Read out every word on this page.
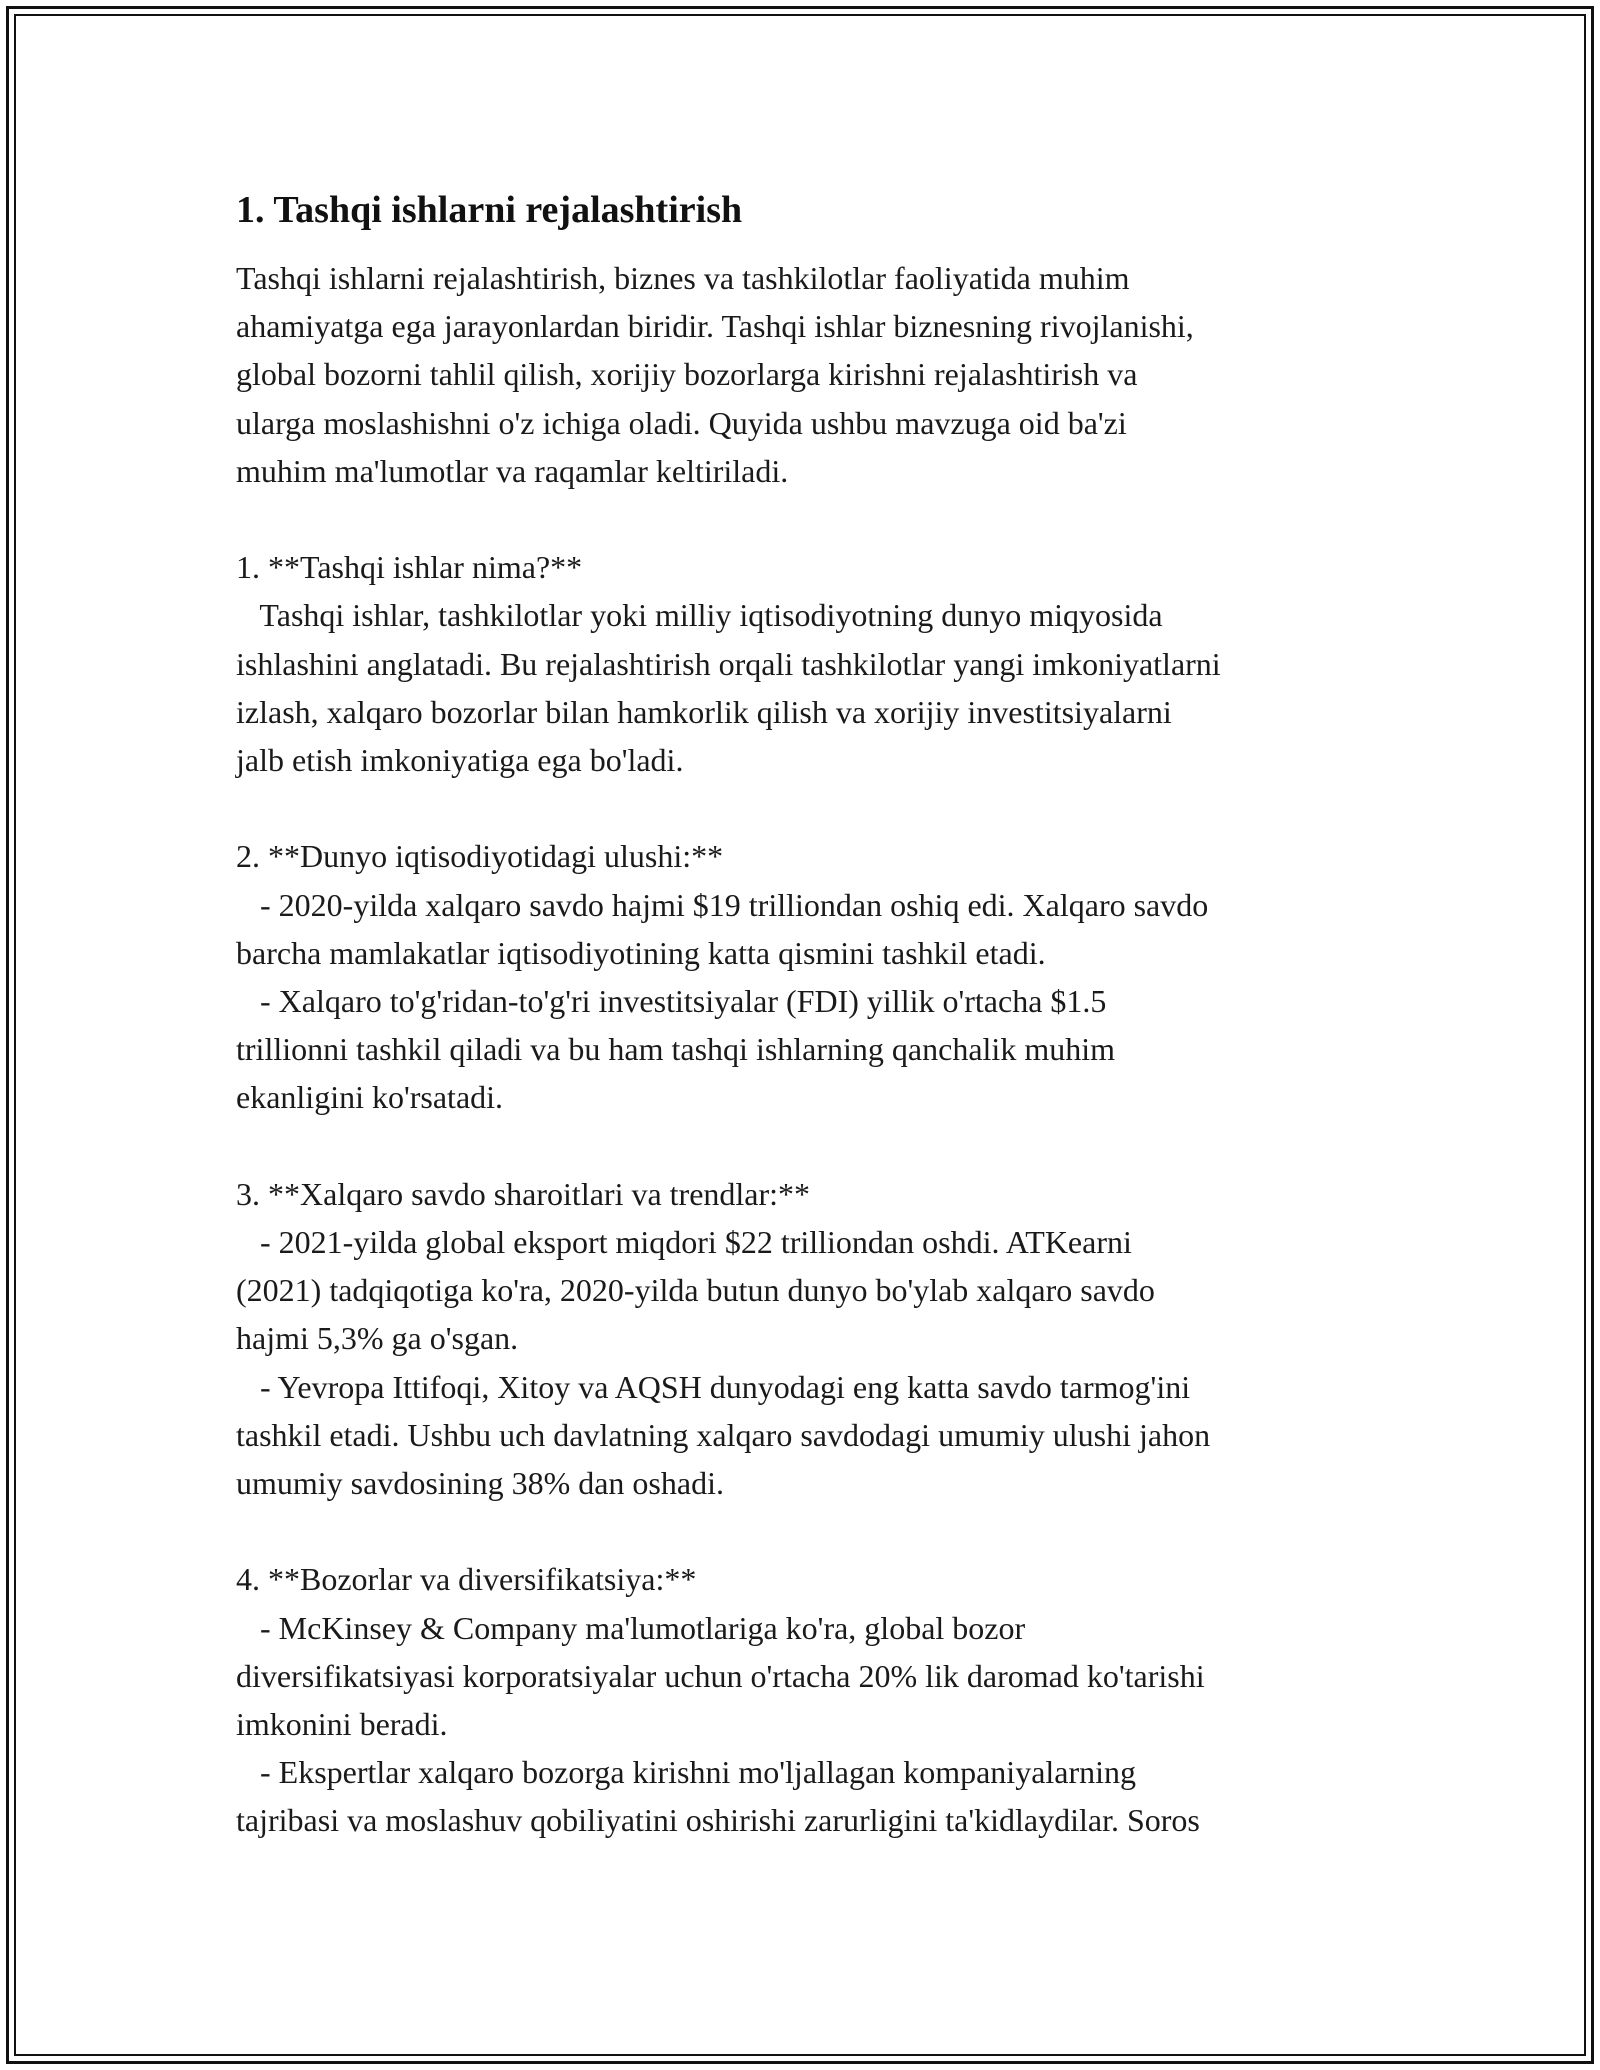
1. Tashqi ishlarni rejalashtirish

Tashqi ishlarni rejalashtirish, biznes va tashkilotlar faoliyatida muhim

ahamiyatga ega jarayonlardan biridir. Tashqi ishlar biznesning rivojlanishi,

global bozorni tahlil qilish, xorijiy bozorlarga kirishni rejalashtirish va

ularga moslashishni o'z ichiga oladi. Quyida ushbu mavzuga oid ba'zi

muhim ma'lumotlar va raqamlar keltiriladi.

1. **Tashqi ishlar nima?**

Tashqi ishlar, tashkilotlar yoki milliy iqtisodiyotning dunyo miqyosida

ishlashini anglatadi. Bu rejalashtirish orqali tashkilotlar yangi imkoniyatlarni

izlash, xalqaro bozorlar bilan hamkorlik qilish va xorijiy investitsiyalarni

jalb etish imkoniyatiga ega bo'ladi.

2. **Dunyo iqtisodiyotidagi ulushi:**

- 2020-yilda xalqaro savdo hajmi $19 trilliondan oshiq edi. Xalqaro savdo

barcha mamlakatlar iqtisodiyotining katta qismini tashkil etadi.

- Xalqaro to'g'ridan-to'g'ri investitsiyalar (FDI) yillik o'rtacha $1.5

trillionni tashkil qiladi va bu ham tashqi ishlarning qanchalik muhim

ekanligini ko'rsatadi.

3. **Xalqaro savdo sharoitlari va trendlar:**

- 2021-yilda global eksport miqdori $22 trilliondan oshdi. ATKearni

(2021) tadqiqotiga ko'ra, 2020-yilda butun dunyo bo'ylab xalqaro savdo

hajmi 5,3% ga o'sgan.

- Yevropa Ittifoqi, Xitoy va AQSH dunyodagi eng katta savdo tarmog'ini

tashkil etadi. Ushbu uch davlatning xalqaro savdodagi umumiy ulushi jahon

umumiy savdosining 38% dan oshadi.

4. **Bozorlar va diversifikatsiya:**

- McKinsey & Company ma'lumotlariga ko'ra, global bozor

diversifikatsiyasi korporatsiyalar uchun o'rtacha 20% lik daromad ko'tarishi

imkonini beradi.

- Ekspertlar xalqaro bozorga kirishni mo'ljallagan kompaniyalarning

tajribasi va moslashuv qobiliyatini oshirishi zarurligini ta'kidlaydilar. Soros
